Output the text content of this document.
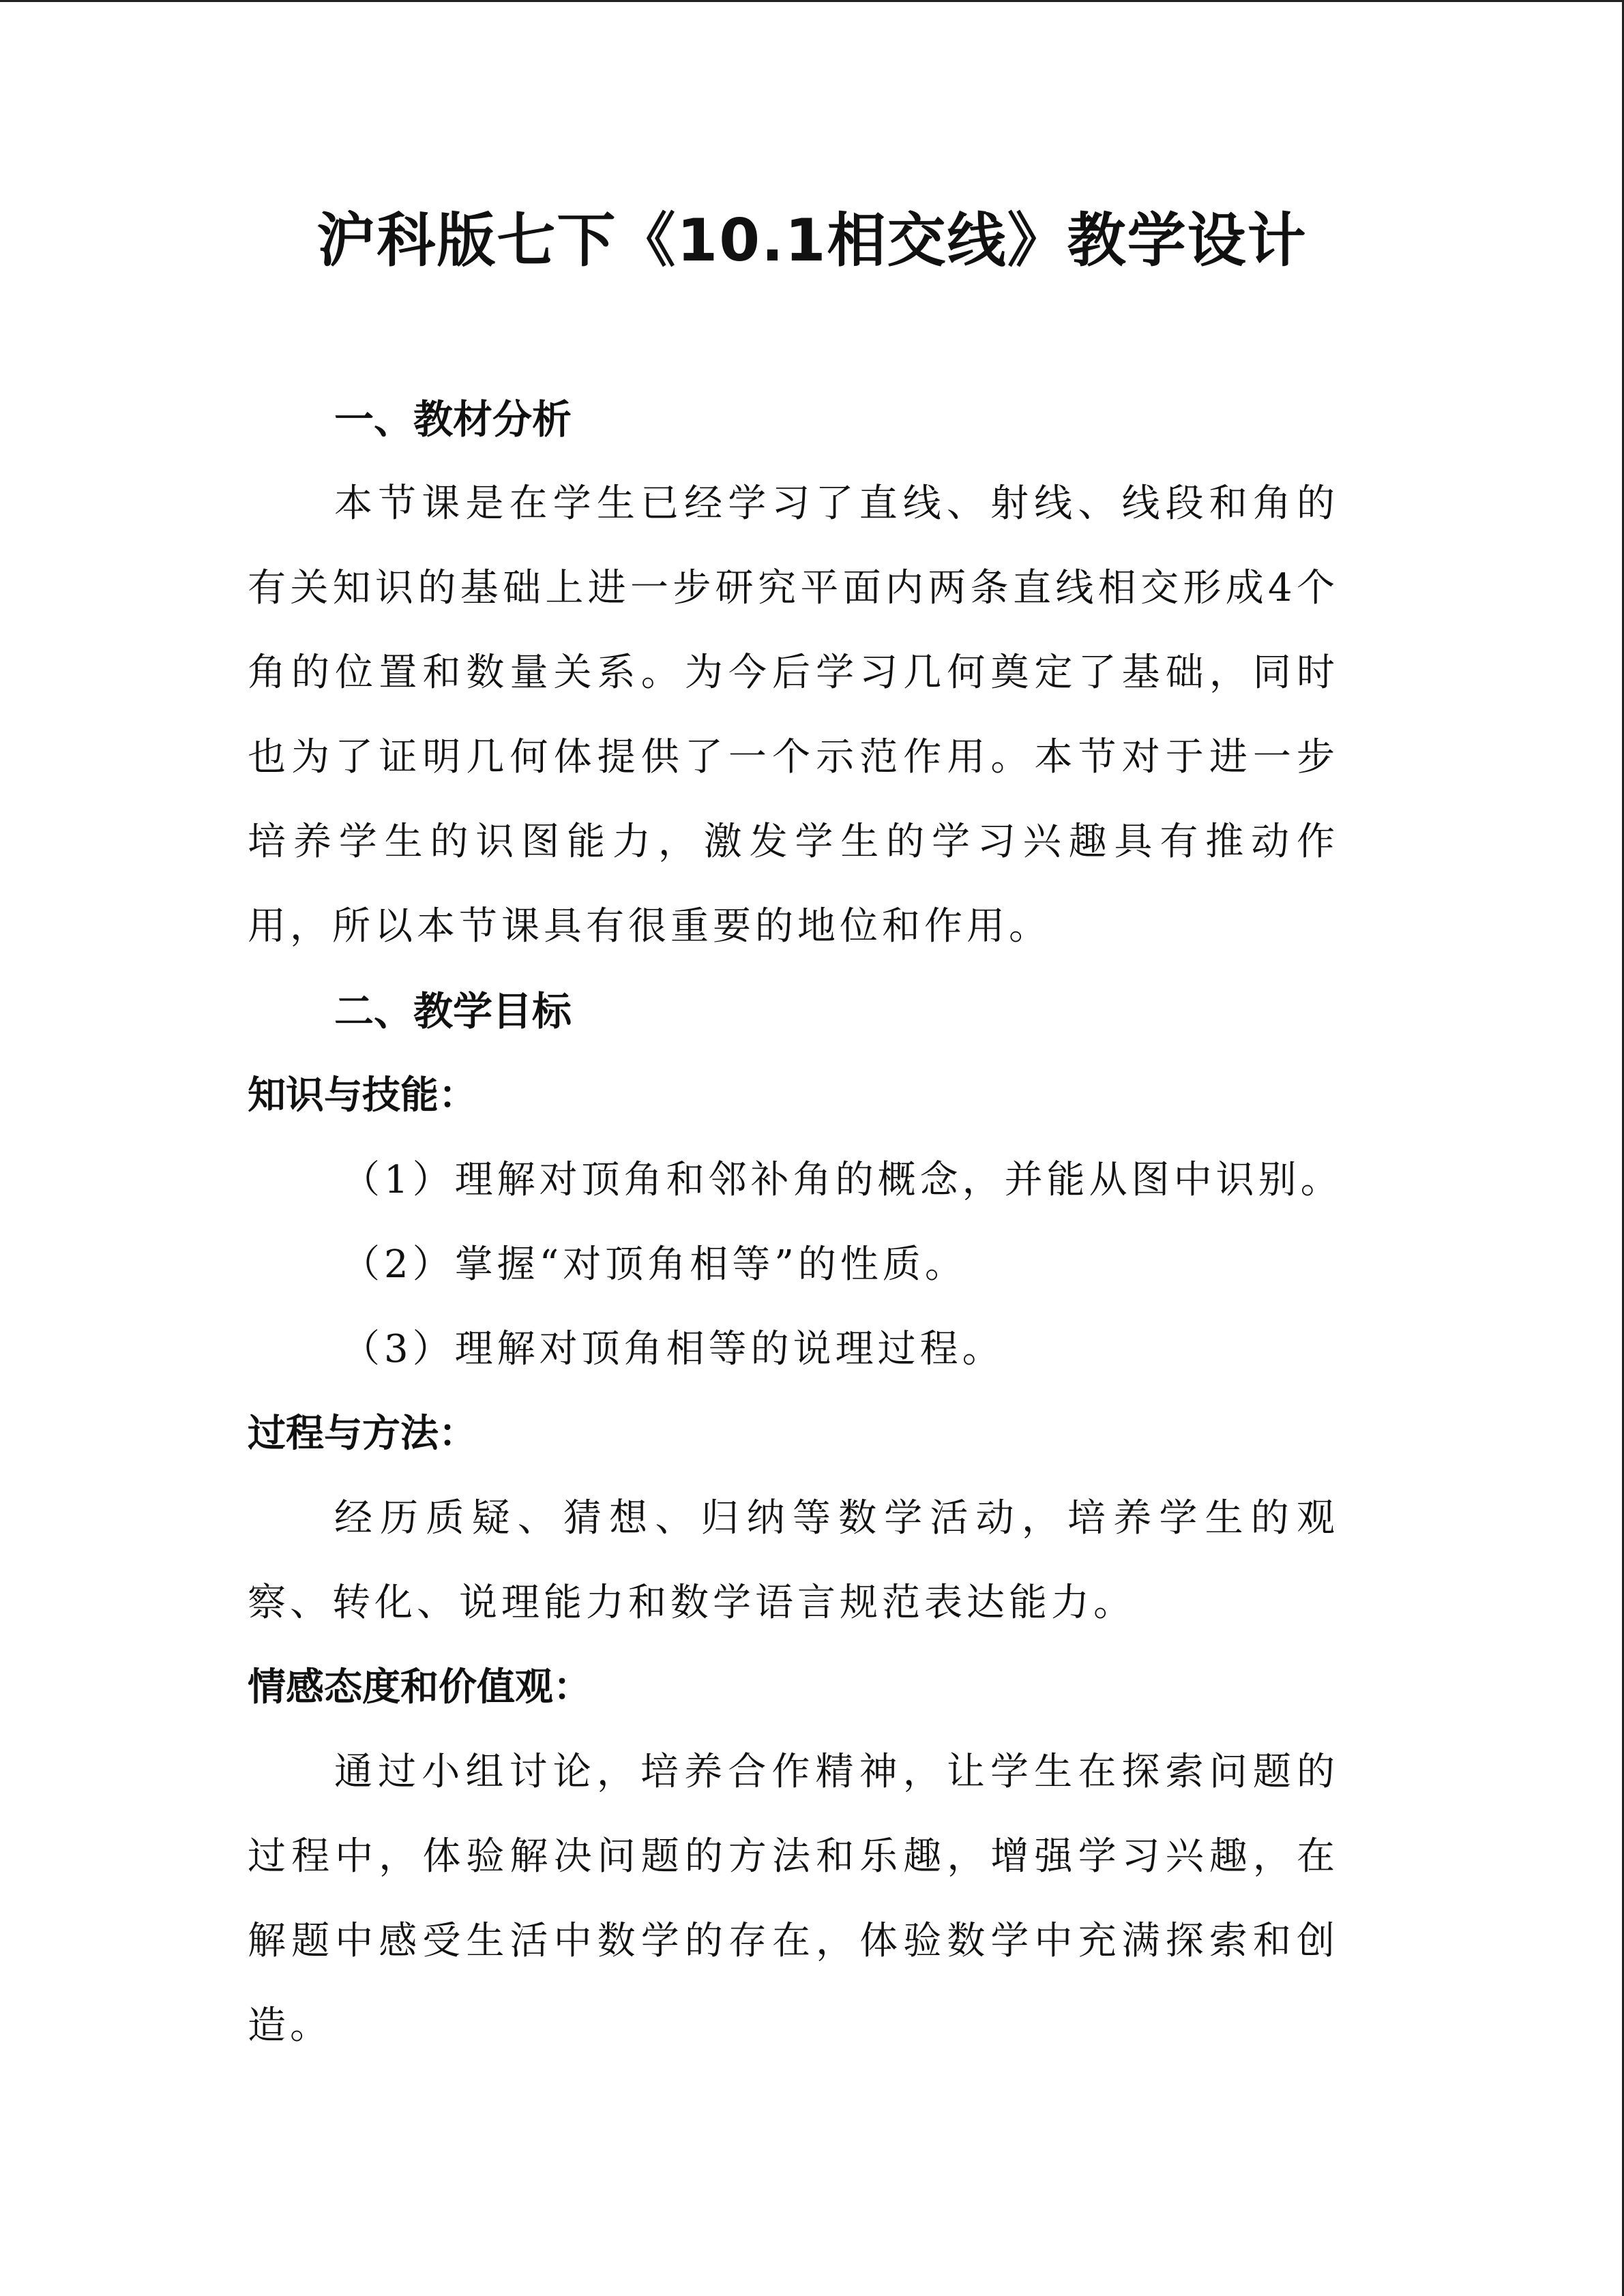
沪科版七下《10.1相交线》教学设计
一、教材分析
本节课是在学生已经学习了直线、射线、线段和角的有关知识的基础上进一步研究平面内两条直线相交形成4个角的位置和数量关系。为今后学习几何奠定了基础，同时也为了证明几何体提供了一个示范作用。本节对于进一步培养学生的识图能力，激发学生的学习兴趣具有推动作用，所以本节课具有很重要的地位和作用。
二、教学目标
知识与技能：
（1）理解对顶角和邻补角的概念，并能从图中识别。
（2）掌握“对顶角相等”的性质。
（3）理解对顶角相等的说理过程。
过程与方法：
经历质疑、猜想、归纳等数学活动，培养学生的观察、转化、说理能力和数学语言规范表达能力。
情感态度和价值观：
通过小组讨论，培养合作精神，让学生在探索问题的过程中，体验解决问题的方法和乐趣，增强学习兴趣，在解题中感受生活中数学的存在，体验数学中充满探索和创造。
